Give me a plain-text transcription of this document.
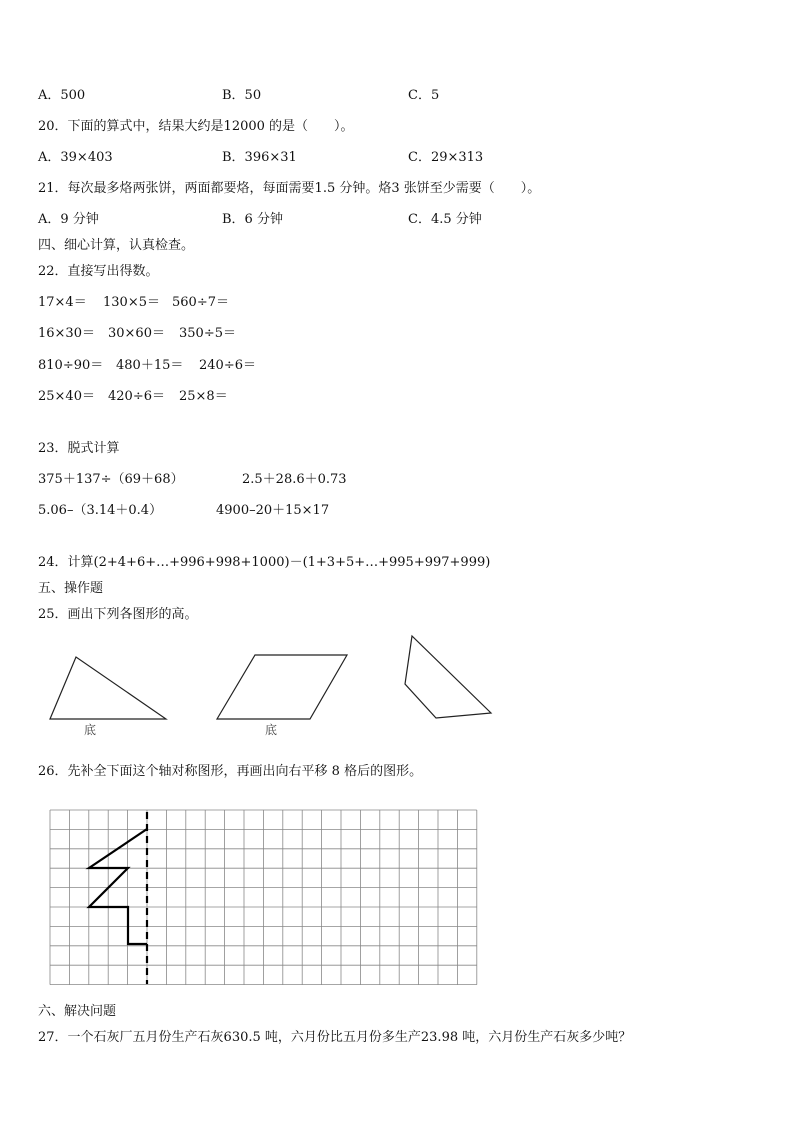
A．500	B．50	C．5
20．下面的算式中，结果大约是12000 的是（　　）。
A．39×403	B．396×31	C．29×313
21．每次最多烙两张饼，两面都要烙，每面需要1.5 分钟。烙3 张饼至少需要（　　）。
A．9 分钟	B．6 分钟	C．4.5 分钟
四、细心计算，认真检查。
22．直接写出得数。
17×4＝ 130×5＝ 560÷7＝
16×30＝ 30×60＝ 350÷5＝
810÷90＝ 480＋15＝ 240÷6＝
25×40＝ 420÷6＝ 25×8＝
23．脱式计算
375＋137÷（69＋68）	2.5＋28.6＋0.73
5.06–（3.14＋0.4）	4900–20＋15×17
24．计算(2+4+6+…+996+998+1000)－(1+3+5+…+995+997+999)
五、操作题
25．画出下列各图形的高。
底	底
26．先补全下面这个轴对称图形，再画出向右平移 8 格后的图形。
六、解决问题
27．一个石灰厂五月份生产石灰630.5 吨，六月份比五月份多生产23.98 吨，六月份生产石灰多少吨？
